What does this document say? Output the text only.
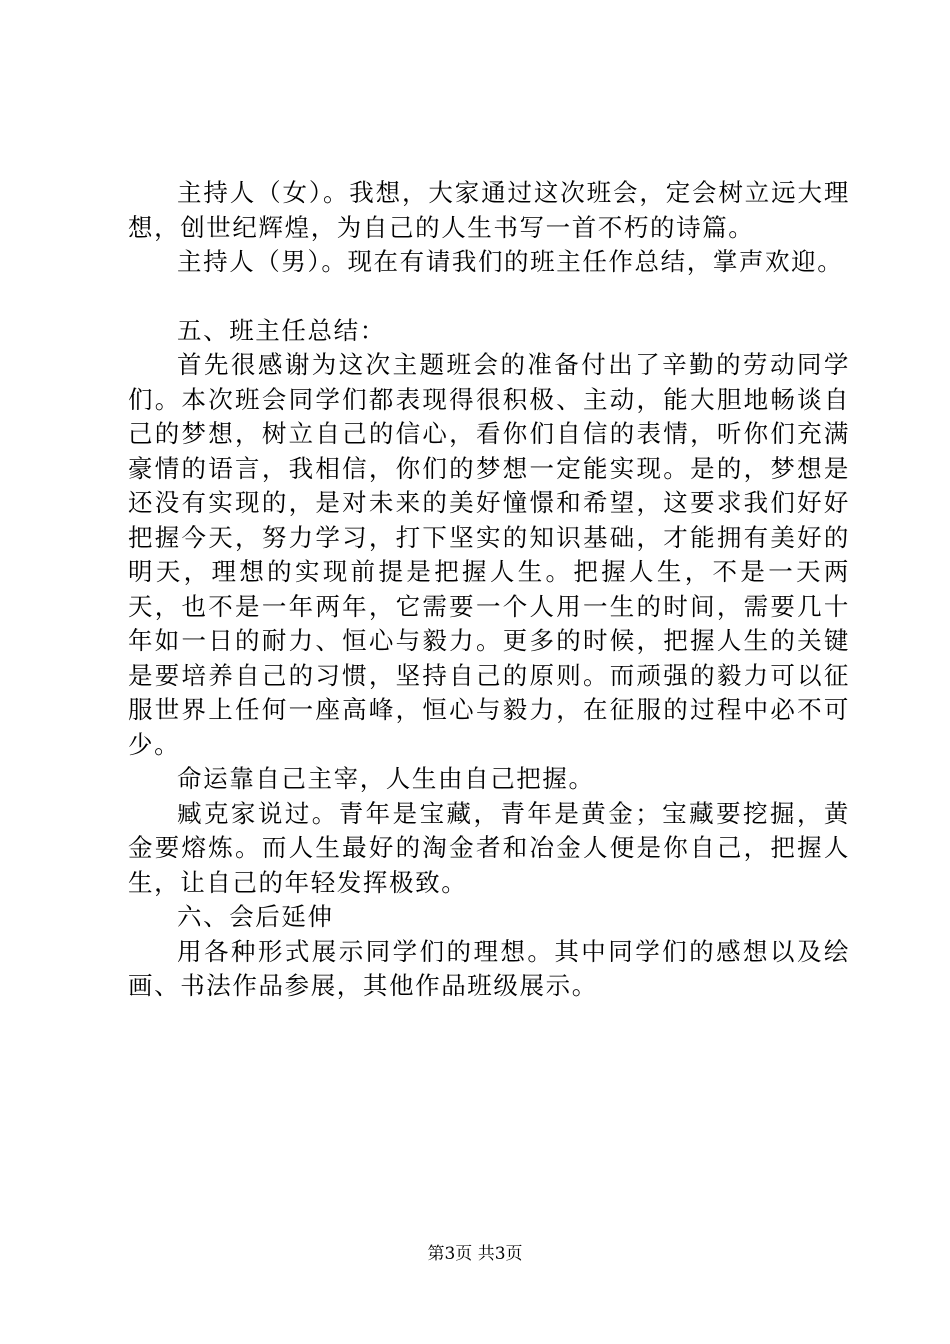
主持人（女）。我想，大家通过这次班会，定会树立远大理想，创世纪辉煌，为自己的人生书写一首不朽的诗篇。

主持人（男）。现在有请我们的班主任作总结，掌声欢迎。

五、班主任总结：

首先很感谢为这次主题班会的准备付出了辛勤的劳动同学们。本次班会同学们都表现得很积极、主动，能大胆地畅谈自己的梦想，树立自己的信心，看你们自信的表情，听你们充满豪情的语言，我相信，你们的梦想一定能实现。是的，梦想是还没有实现的，是对未来的美好憧憬和希望，这要求我们好好把握今天，努力学习，打下坚实的知识基础，才能拥有美好的明天，理想的实现前提是把握人生。把握人生，不是一天两天，也不是一年两年，它需要一个人用一生的时间，需要几十年如一日的耐力、恒心与毅力。更多的时候，把握人生的关键是要培养自己的习惯，坚持自己的原则。而顽强的毅力可以征服世界上任何一座高峰，恒心与毅力，在征服的过程中必不可少。

命运靠自己主宰，人生由自己把握。

臧克家说过。青年是宝藏，青年是黄金；宝藏要挖掘，黄金要熔炼。而人生最好的淘金者和冶金人便是你自己，把握人生，让自己的年轻发挥极致。

六、会后延伸

用各种形式展示同学们的理想。其中同学们的感想以及绘画、书法作品参展，其他作品班级展示。

第3页 共3页
